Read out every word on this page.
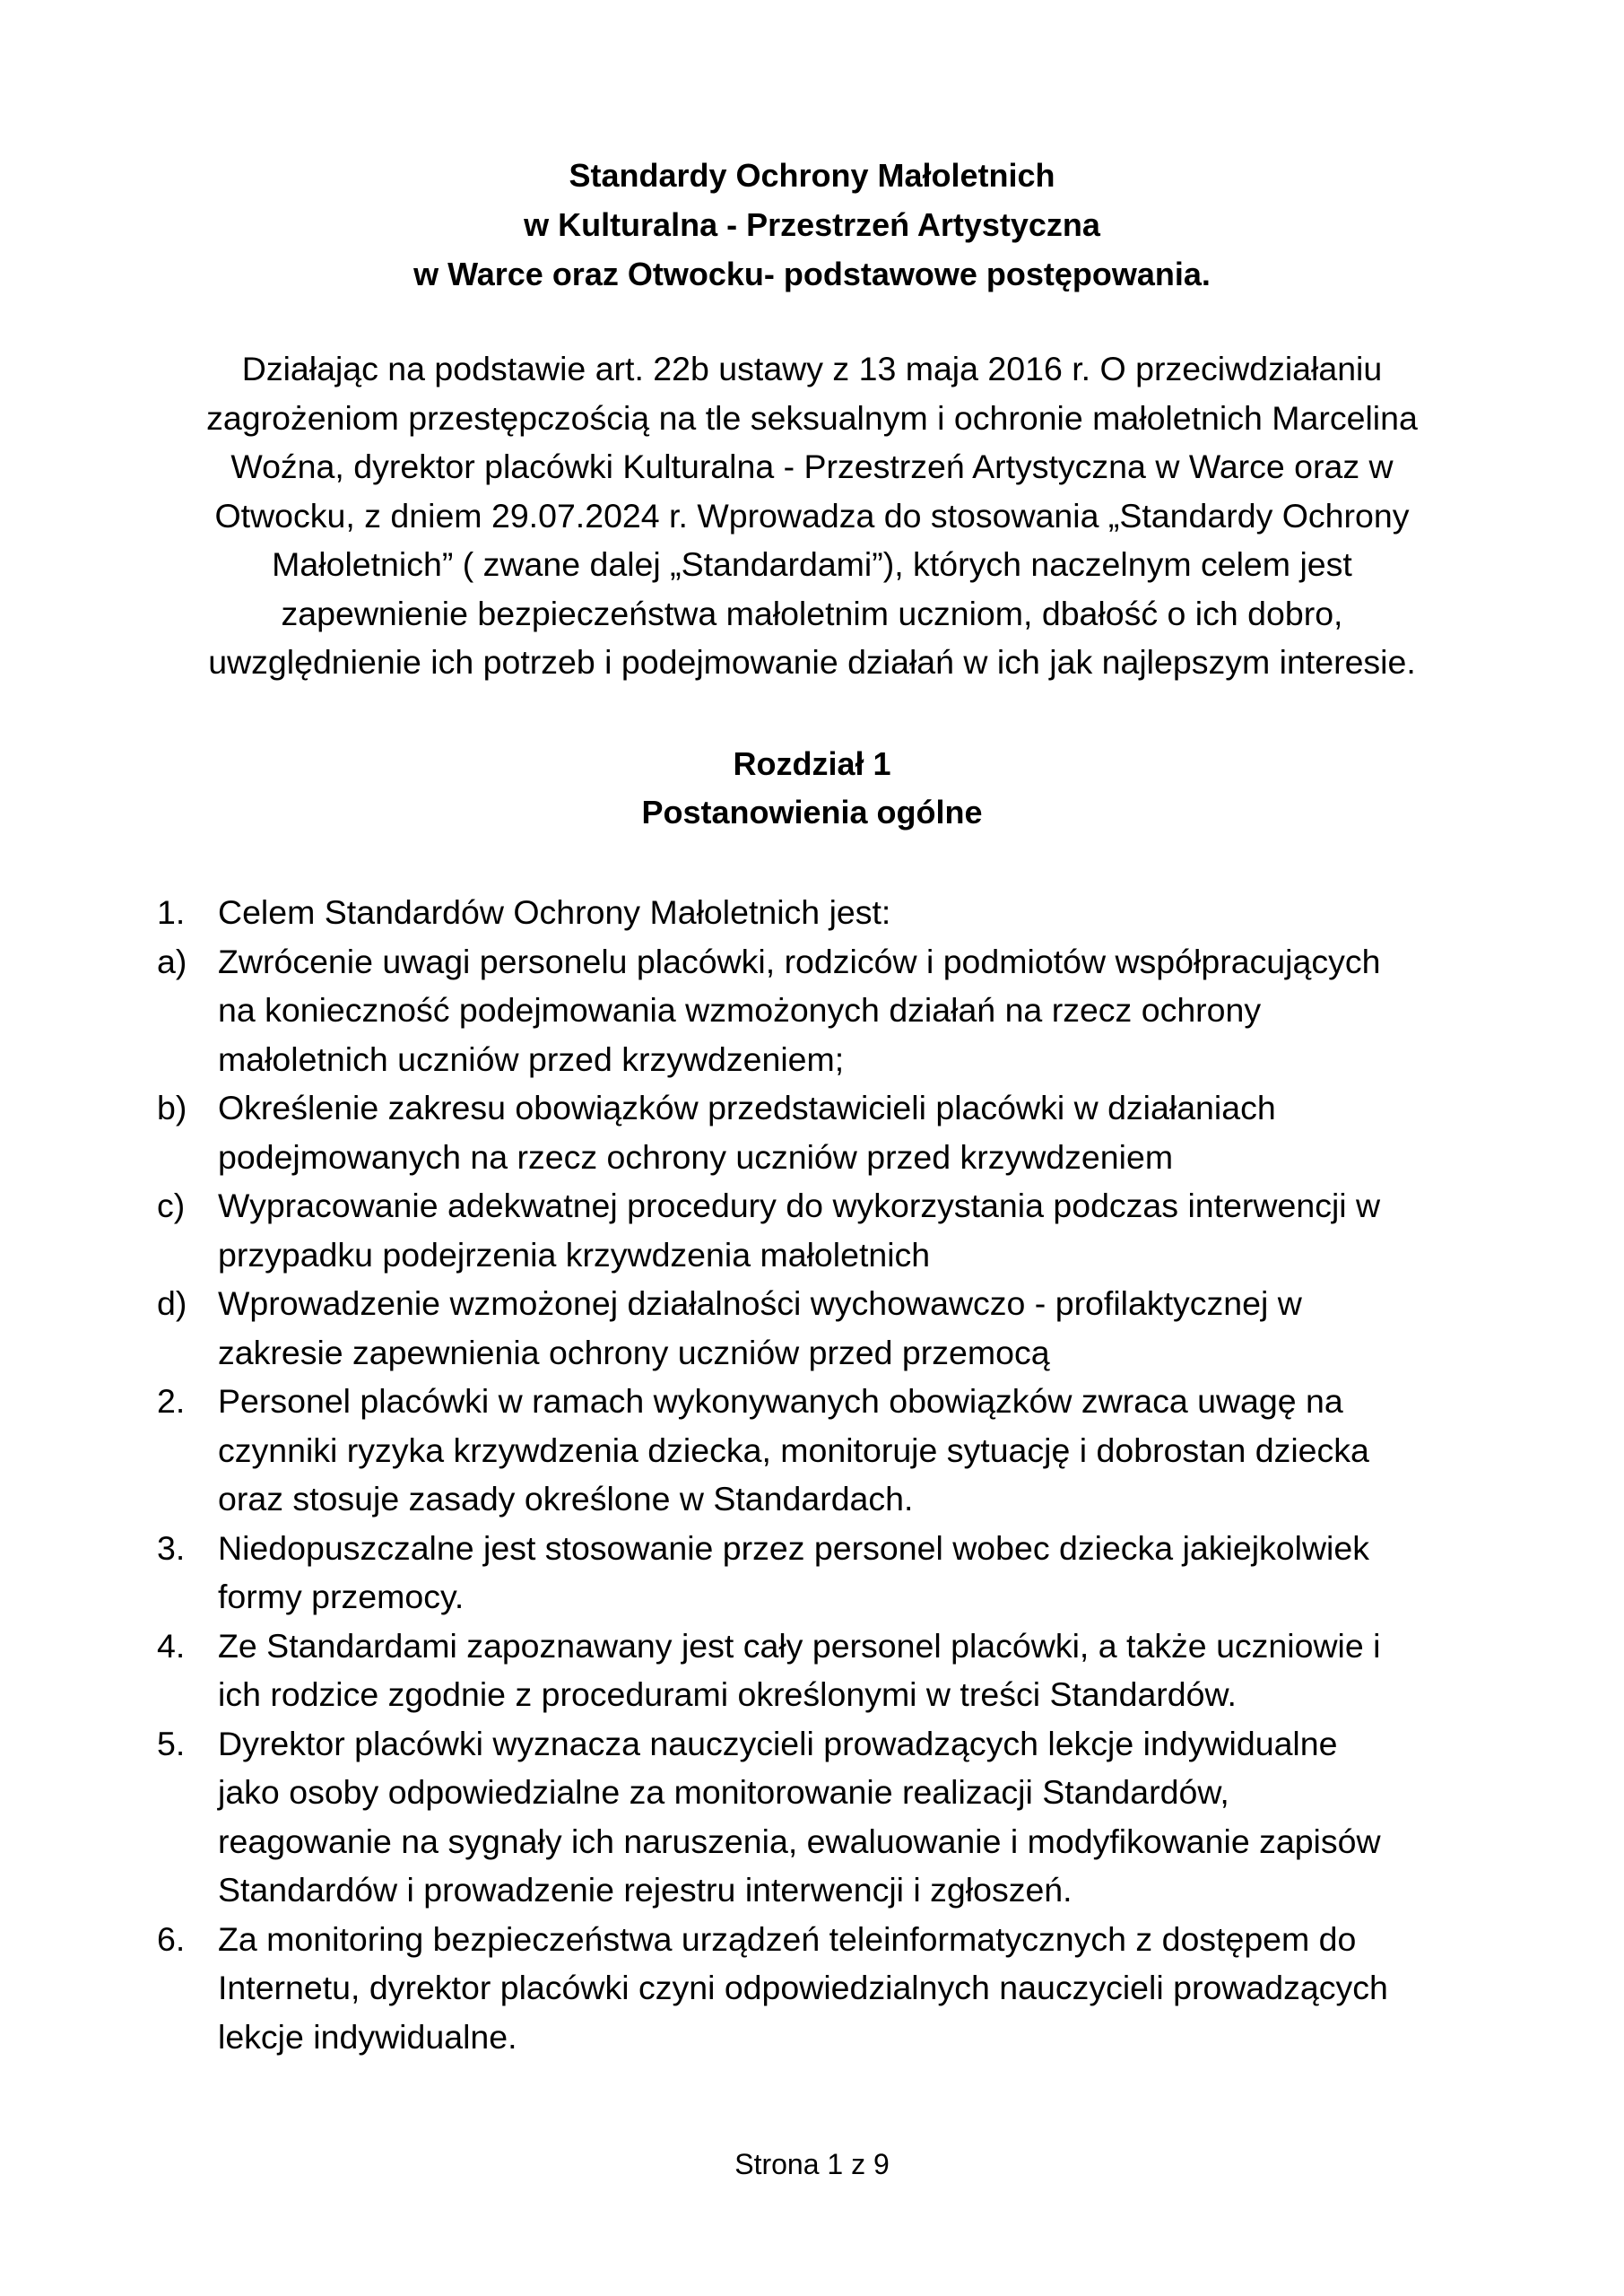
Standardy Ochrony Małoletnich
w Kulturalna - Przestrzeń Artystyczna
w Warce oraz Otwocku- podstawowe postępowania.
Działając na podstawie art. 22b ustawy z 13 maja 2016 r. O przeciwdziałaniu
zagrożeniom przestępczością na tle seksualnym i ochronie małoletnich Marcelina
Woźna, dyrektor placówki Kulturalna - Przestrzeń Artystyczna w Warce oraz w
Otwocku, z dniem 29.07.2024 r. Wprowadza do stosowania „Standardy Ochrony
Małoletnich” ( zwane dalej „Standardami”), których naczelnym celem jest
zapewnienie bezpieczeństwa małoletnim uczniom, dbałość o ich dobro,
uwzględnienie ich potrzeb i podejmowanie działań w ich jak najlepszym interesie.
Rozdział 1
Postanowienia ogólne
1. Celem Standardów Ochrony Małoletnich jest:
a) Zwrócenie uwagi personelu placówki, rodziców i podmiotów współpracujących
na konieczność podejmowania wzmożonych działań na rzecz ochrony
małoletnich uczniów przed krzywdzeniem;
b) Określenie zakresu obowiązków przedstawicieli placówki w działaniach
podejmowanych na rzecz ochrony uczniów przed krzywdzeniem
c) Wypracowanie adekwatnej procedury do wykorzystania podczas interwencji w
przypadku podejrzenia krzywdzenia małoletnich
d) Wprowadzenie wzmożonej działalności wychowawczo - profilaktycznej w
zakresie zapewnienia ochrony uczniów przed przemocą
2. Personel placówki w ramach wykonywanych obowiązków zwraca uwagę na
czynniki ryzyka krzywdzenia dziecka, monitoruje sytuację i dobrostan dziecka
oraz stosuje zasady określone w Standardach.
3. Niedopuszczalne jest stosowanie przez personel wobec dziecka jakiejkolwiek
formy przemocy.
4. Ze Standardami zapoznawany jest cały personel placówki, a także uczniowie i
ich rodzice zgodnie z procedurami określonymi w treści Standardów.
5. Dyrektor placówki wyznacza nauczycieli prowadzących lekcje indywidualne
jako osoby odpowiedzialne za monitorowanie realizacji Standardów,
reagowanie na sygnały ich naruszenia, ewaluowanie i modyfikowanie zapisów
Standardów i prowadzenie rejestru interwencji i zgłoszeń.
6. Za monitoring bezpieczeństwa urządzeń teleinformatycznych z dostępem do
Internetu, dyrektor placówki czyni odpowiedzialnych nauczycieli prowadzących
lekcje indywidualne.
Strona 1 z 9
